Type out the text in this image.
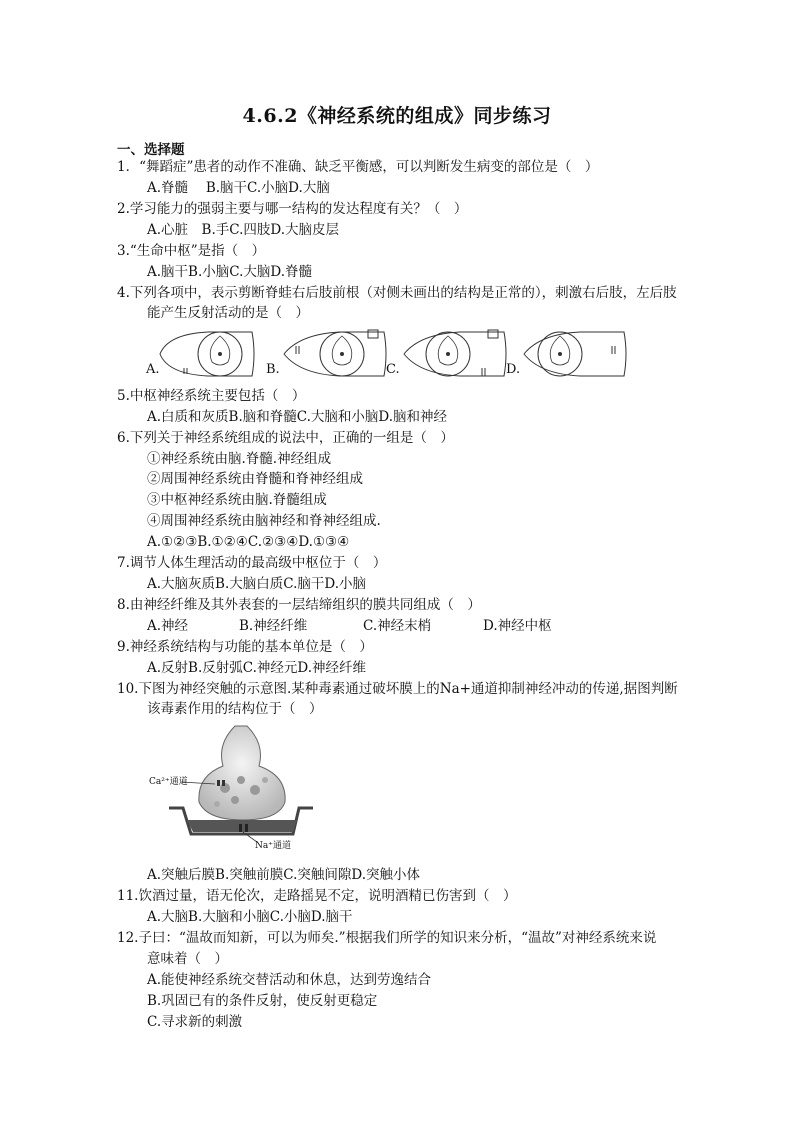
4.6.2《神经系统的组成》同步练习
一、选择题
1．“舞蹈症”患者的动作不准确、缺乏平衡感，可以判断发生病变的部位是（　）
A.脊髓　 B.脑干C.小脑D.大脑
2.学习能力的强弱主要与哪一结构的发达程度有关？（　）
A.心脏　B.手C.四肢D.大脑皮层
3.“生命中枢”是指（　）
A.脑干B.小脑C.大脑D.脊髓
4.下列各项中，表示剪断脊蛙右后肢前根（对侧未画出的结构是正常的），刺激右后肢，左后肢
能产生反射活动的是（　）
A.	B.	C.	D.
5.中枢神经系统主要包括（　）
A.白质和灰质B.脑和脊髓C.大脑和小脑D.脑和神经
6.下列关于神经系统组成的说法中，正确的一组是（　）
①神经系统由脑.脊髓.神经组成
②周围神经系统由脊髓和脊神经组成
③中枢神经系统由脑.脊髓组成
④周围神经系统由脑神经和脊神经组成.
A.①②③B.①②④C.②③④D.①③④
7.调节人体生理活动的最高级中枢位于（　）
A.大脑灰质B.大脑白质C.脑干D.小脑
8.由神经纤维及其外表套的一层结缔组织的膜共同组成（　）
A.神经	B.神经纤维	C.神经末梢	D.神经中枢
9.神经系统结构与功能的基本单位是（　）
A.反射B.反射弧C.神经元D.神经纤维
10.下图为神经突触的示意图.某种毒素通过破坏膜上的Na+通道抑制神经冲动的传递,据图判断
该毒素作用的结构位于（　）
Ca²⁺通道
Na⁺通道
A.突触后膜B.突触前膜C.突触间隙D.突触小体
11.饮酒过量，语无伦次，走路摇晃不定，说明酒精已伤害到（　）
A.大脑B.大脑和小脑C.小脑D.脑干
12.子曰：“温故而知新，可以为师矣.”根据我们所学的知识来分析，“温故”对神经系统来说
意味着（　）
A.能使神经系统交替活动和休息，达到劳逸结合
B.巩固已有的条件反射，使反射更稳定
C.寻求新的刺激
